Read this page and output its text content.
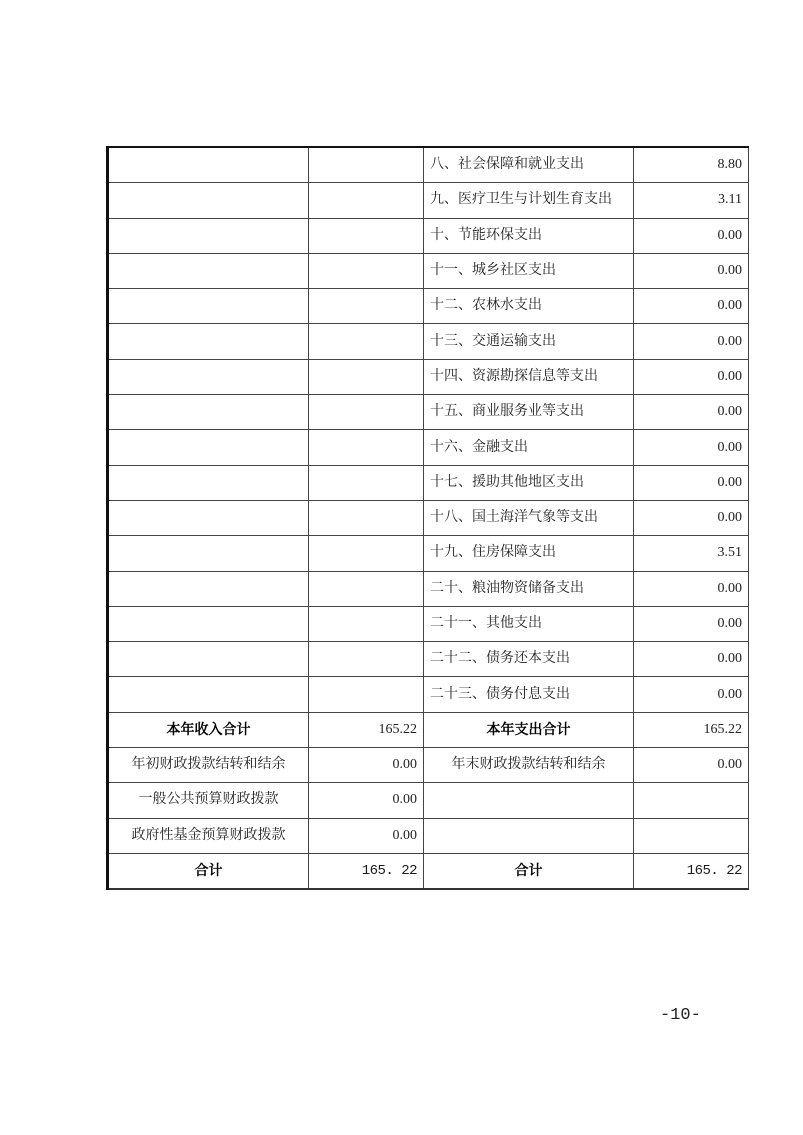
		八、社会保障和就业支出	8.80
		九、医疗卫生与计划生育支出	3.11
		十、节能环保支出	0.00
		十一、城乡社区支出	0.00
		十二、农林水支出	0.00
		十三、交通运输支出	0.00
		十四、资源勘探信息等支出	0.00
		十五、商业服务业等支出	0.00
		十六、金融支出	0.00
		十七、援助其他地区支出	0.00
		十八、国土海洋气象等支出	0.00
		十九、住房保障支出	3.51
		二十、粮油物资储备支出	0.00
		二十一、其他支出	0.00
		二十二、债务还本支出	0.00
		二十三、债务付息支出	0.00
本年收入合计	165.22	本年支出合计	165.22
年初财政拨款结转和结余	0.00	年末财政拨款结转和结余	0.00
一般公共预算财政拨款	0.00		
政府性基金预算财政拨款	0.00		
合计	165. 22	合计	165. 22
-10-
